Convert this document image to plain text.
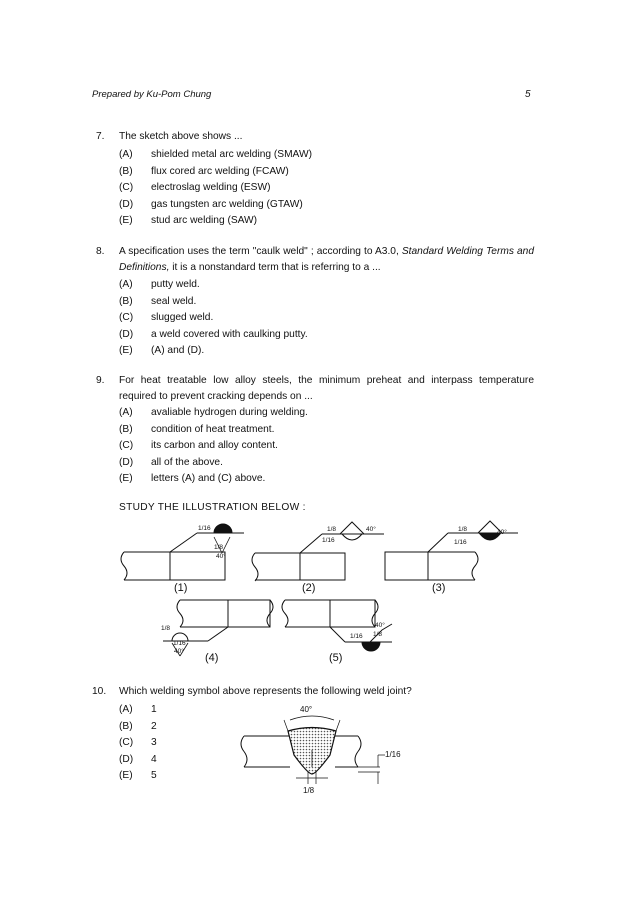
Prepared by Ku-Pom Chung	5
7. The sketch above shows ...
(A) shielded metal arc welding (SMAW)
(B) flux cored arc welding (FCAW)
(C) electroslag welding (ESW)
(D) gas tungsten arc welding (GTAW)
(E) stud arc welding (SAW)
8. A specification uses the term "caulk weld" ; according to A3.0, Standard Welding Terms and Definitions, it is a nonstandard term that is referring to a ...
(A) putty weld.
(B) seal weld.
(C) slugged weld.
(D) a weld covered with caulking putty.
(E) (A) and (D).
9. For heat treatable low alloy steels, the minimum preheat and interpass temperature required to prevent cracking depends on ...
(A) avaliable hydrogen during welding.
(B) condition of heat treatment.
(C) its carbon and alloy content.
(D) all of the above.
(E) letters (A) and (C) above.
STUDY THE ILLUSTRATION BELOW :
1/16
1/8
40°
1/8
1/16
40°	1/8
1/16
40°
1/8
1/16
40°
40°
1/16 1/8
(1)	(2)	(3)
(4)	(5)
10. Which welding symbol above represents the following weld joint?
(A) 1
(B) 2
(C) 3
(D) 4
(E) 5
40°
1/16
1/8
